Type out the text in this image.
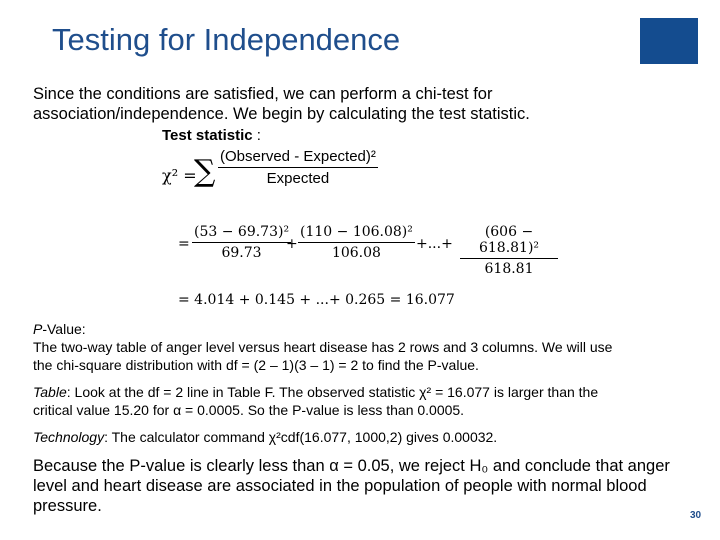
Testing for Independence
Since the conditions are satisfied, we can perform a chi-test for association/independence. We begin by calculating the test statistic.
Test statistic :
χ² =
∑ (Observed - Expected)²
Expected
=
(53 − 69.73)²
69.73
+
(110 − 106.08)²
106.08
+...+
(606 − 618.81)²
618.81
= 4.014 + 0.145 + ...+ 0.265 = 16.077
P-Value:
The two-way table of anger level versus heart disease has 2 rows and 3 columns. We will use the chi-square distribution with df = (2 – 1)(3 – 1) = 2 to find the P-value.
Table: Look at the df = 2 line in Table F. The observed statistic χ² = 16.077 is larger than the critical value 15.20 for α = 0.0005. So the P-value is less than 0.0005.
Technology: The calculator command χ²cdf(16.077, 1000,2) gives 0.00032.
Because the P-value is clearly less than α = 0.05, we reject H₀ and conclude that anger level and heart disease are associated in the population of people with normal blood pressure.
30
